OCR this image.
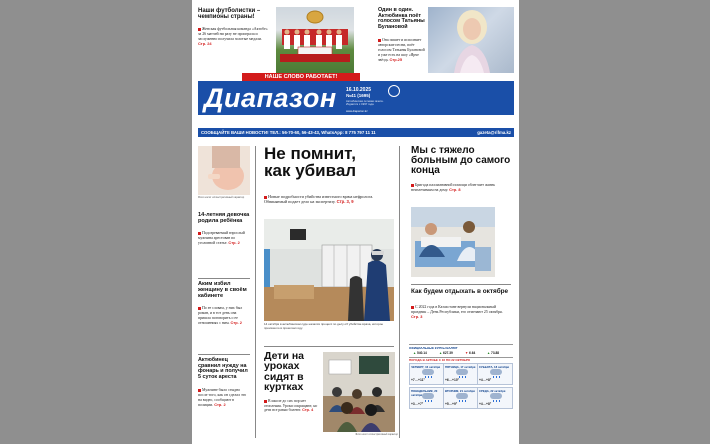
Наши футболистки – чемпионы страны!
Женская футбольная команда «Актобе» за 26 матчей ни разу не проиграла и заслуженно получила золотые медали. Стр. 24
Один в один. Актюбинка поёт голосом Татьяны Булановой
Она пишет и исполняет авторские песни, поёт голосом Татьяны Булановой и уже есть на шоу «Ярче звёзд» Стр.25
НАШЕ СЛОВО РАБОТАЕТ!
Диапазон 16.10.2025
№41 (1695)
Актюбинская сетевая газета. Издаётся с 1997 года
www.diapazon.kz
СООБЩАЙТЕ ВАШИ НОВОСТИ! ТЕЛ.: 56-70-60, 56-43-43, WhatsApp: 8 775 797 11 11	gazeta@rifma.kz
Фото носит иллюстративный характер
14-летняя девочка родила ребёнка
Подозреваемый взрослый мужчина арестован по уголовной статье. Стр. 2
Аким избил женщину в своём кабинете
По ее словам, у них был роман, и в тот день она пришла поговорить о ее отношениях с ним. Стр. 2
Актюбинец сравнил нужду на фонарь и получил 5 суток ареста
Мужчине было стыдно после того, как он сделал это на видео, сообщают в полиции. Стр. 2
Не помнит, как убивал
Новые подробности убийства известного врача нефрологa. Обвиняемый подает дело на экспертизу. Стр. 3, 9
14 октября в актюбинском суде начался процесс по делу об убийстве врача, которое произошло в прошлом году.
Дети на уроках сидят в куртках
В школе до сих пор нет отопления. Уроки сокращают, но дети все равно болеют. Стр. 4
Фото носит иллюстративный характер
Мы с тяжело больным до самого конца
Бригада паллиативной помощи облегчает жизнь неизлечимым на дому. Стр. 8
Как будем отдыхать в октябре
С 2022 года в Казахстане вернули национальный праздник – День Республики, его отмечают 25 октября. Стр. 3
ОФИЦИАЛЬНЫЕ КУРСЫ ВАЛЮТ
▲ 540.14	▲ 627.39	▼ 6.64	▲ 73.88
ПОГОДА В АКТОБЕ С 16 ПО 22 ОКТЯБРЯ
ЧЕТВЕРГ, 16 октября
+7…+11°
ПЯТНИЦА, 17 октября
+6…+10°
СУББОТА, 18 октября
+4…+8°
ПОНЕДЕЛЬНИК, 20 октября
+3…+7°
ВТОРНИК, 21 октября
+5…+9°
СРЕДА, 22 октября
+4…+8°
